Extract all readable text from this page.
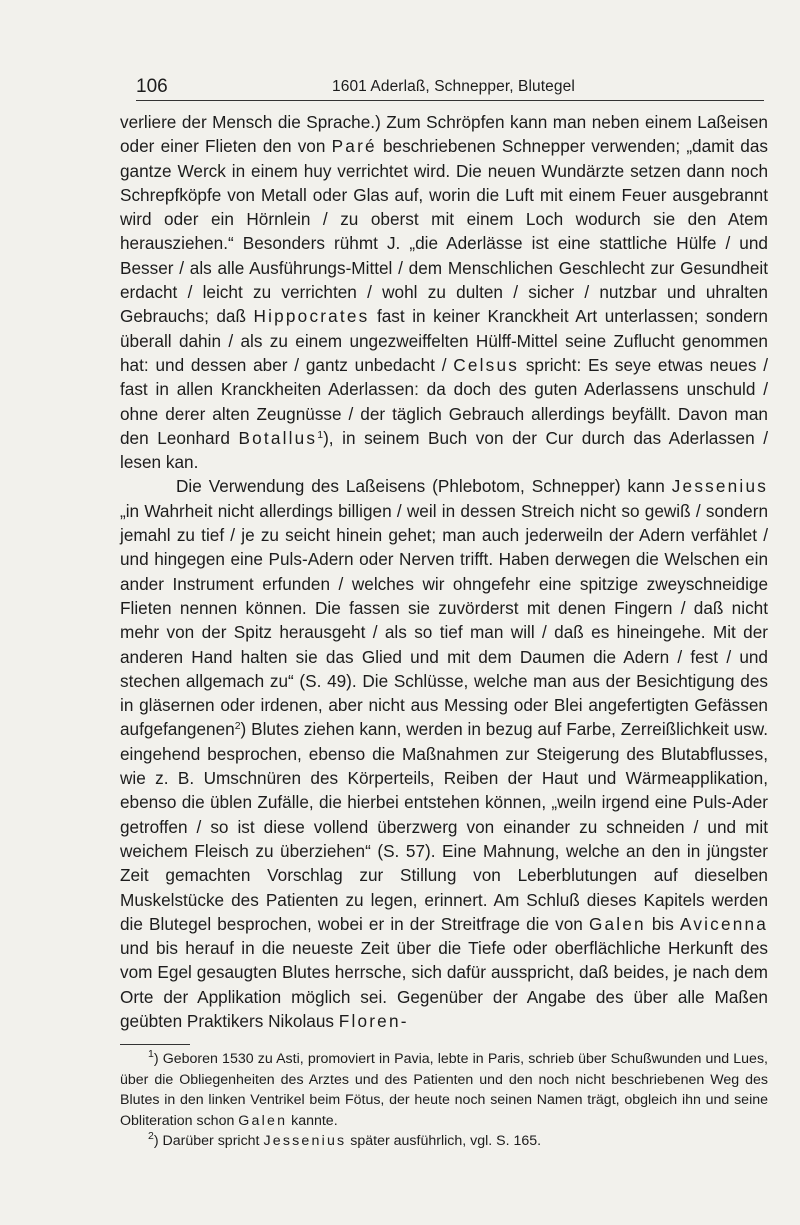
106	1601 Aderlaß, Schnepper, Blutegel

verliere der Mensch die Sprache.) Zum Schröpfen kann man neben einem Laßeisen oder einer Flieten den von Paré beschriebenen Schnepper verwenden; „damit das gantze Werck in einem huy verrichtet wird. Die neuen Wundärzte setzen dann noch Schrepfköpfe von Metall oder Glas auf, worin die Luft mit einem Feuer ausgebrannt wird oder ein Hörnlein / zu oberst mit einem Loch wodurch sie den Atem herausziehen.“ Besonders rühmt J. „die Aderlässe ist eine stattliche Hülfe / und Besser / als alle Ausführungs-Mittel / dem Menschlichen Geschlecht zur Gesundheit erdacht / leicht zu verrichten / wohl zu dulten / sicher / nutzbar und uhralten Gebrauchs; daß Hippocrates fast in keiner Kranckheit Art unterlassen; sondern überall dahin / als zu einem ungezweiffelten Hülff-Mittel seine Zuflucht genommen hat: und dessen aber / gantz unbedacht / Celsus spricht: Es seye etwas neues / fast in allen Kranckheiten Aderlassen: da doch des guten Aderlassens unschuld / ohne derer alten Zeugnüsse / der täglich Gebrauch allerdings beyfällt. Davon man den Leonhard Botallus$^1$), in seinem Buch von der Cur durch das Aderlassen / lesen kan.

Die Verwendung des Laßeisens (Phlebotom, Schnepper) kann Jessenius „in Wahrheit nicht allerdings billigen / weil in dessen Streich nicht so gewiß / sondern jemahl zu tief / je zu seicht hinein gehet; man auch jederweiln der Adern verfählet / und hingegen eine Puls-Adern oder Nerven trifft. Haben derwegen die Welschen ein ander Instrument erfunden / welches wir ohngefehr eine spitzige zweyschneidige Flieten nennen können. Die fassen sie zuvörderst mit denen Fingern / daß nicht mehr von der Spitz herausgeht / als so tief man will / daß es hineingehe. Mit der anderen Hand halten sie das Glied und mit dem Daumen die Adern / fest / und stechen allgemach zu“ (S. 49). Die Schlüsse, welche man aus der Besichtigung des in gläsernen oder irdenen, aber nicht aus Messing oder Blei angefertigten Gefässen aufgefangenen$^2$) Blutes ziehen kann, werden in bezug auf Farbe, Zerreißlichkeit usw. eingehend besprochen, ebenso die Maßnahmen zur Steigerung des Blutabflusses, wie z. B. Umschnüren des Körperteils, Reiben der Haut und Wärmeapplikation, ebenso die üblen Zufälle, die hierbei entstehen können, „weiln irgend eine Puls-Ader getroffen / so ist diese vollend überzwerg von einander zu schneiden / und mit weichem Fleisch zu überziehen“ (S. 57). Eine Mahnung, welche an den in jüngster Zeit gemachten Vorschlag zur Stillung von Leberblutungen auf dieselben Muskelstücke des Patienten zu legen, erinnert. Am Schluß dieses Kapitels werden die Blutegel besprochen, wobei er in der Streitfrage die von Galen bis Avicenna und bis herauf in die neueste Zeit über die Tiefe oder oberflächliche Herkunft des vom Egel gesaugten Blutes herrsche, sich dafür ausspricht, daß beides, je nach dem Orte der Applikation möglich sei. Gegenüber der Angabe des über alle Maßen geübten Praktikers Nikolaus Floren-

$^1$) Geboren 1530 zu Asti, promoviert in Pavia, lebte in Paris, schrieb über Schußwunden und Lues, über die Obliegenheiten des Arztes und des Patienten und den noch nicht beschriebenen Weg des Blutes in den linken Ventrikel beim Fötus, der heute noch seinen Namen trägt, obgleich ihn und seine Obliteration schon Galen kannte.

$^2$) Darüber spricht Jessenius später ausführlich, vgl. S. 165.
